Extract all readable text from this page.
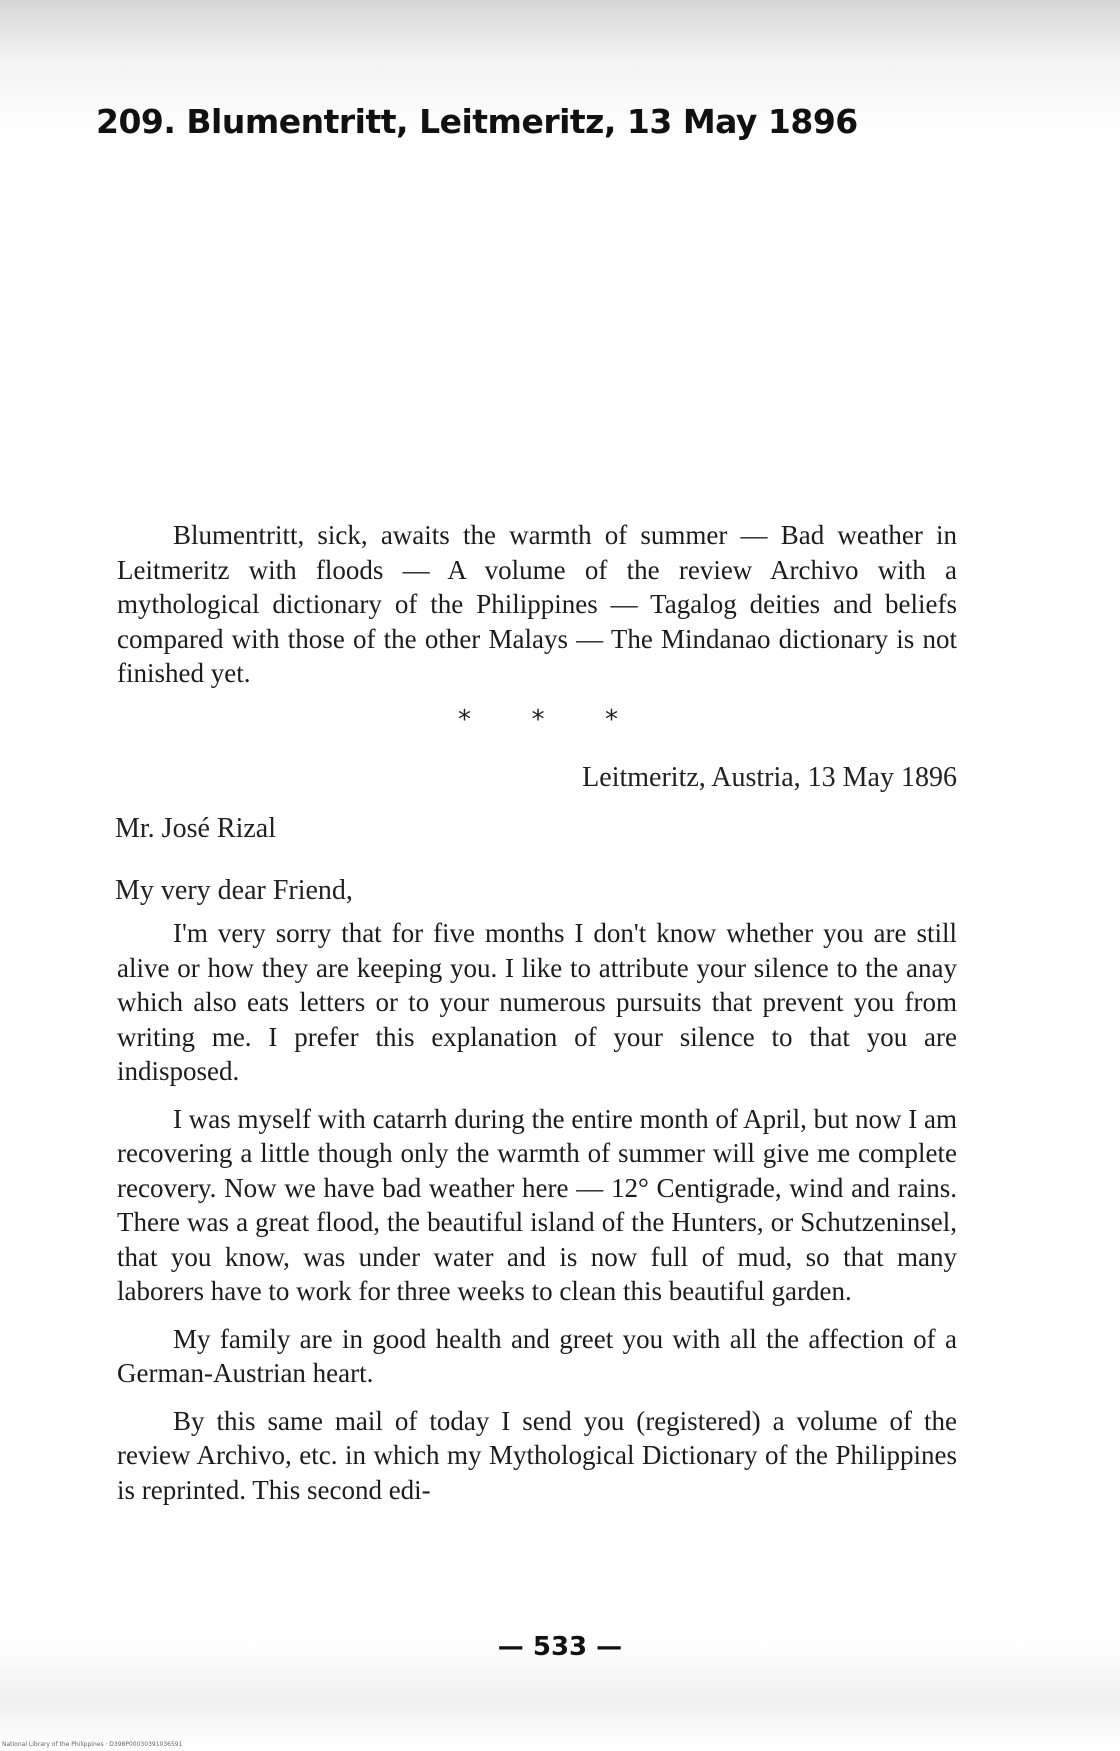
209. Blumentritt, Leitmeritz, 13 May 1896

Blumentritt, sick, awaits the warmth of summer — Bad weather in Leitmeritz with floods — A volume of the review Archivo with a mythological dictionary of the Philippines — Tagalog deities and beliefs compared with those of the other Malays — The Mindanao dictionary is not finished yet.

* * *
Leitmeritz, Austria, 13 May 1896
Mr. José Rizal
My very dear Friend,

I'm very sorry that for five months I don't know whether you are still alive or how they are keeping you. I like to attribute your silence to the anay which also eats letters or to your numerous pursuits that prevent you from writing me. I prefer this explanation of your silence to that you are indisposed.

I was myself with catarrh during the entire month of April, but now I am recovering a little though only the warmth of summer will give me complete recovery. Now we have bad weather here — 12° Centigrade, wind and rains. There was a great flood, the beautiful island of the Hunters, or Schutzeninsel, that you know, was under water and is now full of mud, so that many laborers have to work for three weeks to clean this beautiful garden.

My family are in good health and greet you with all the affection of a German-Austrian heart.

By this same mail of today I send you (registered) a volume of the review Archivo, etc. in which my Mythological Dictionary of the Philippines is reprinted. This second edi-

— 533 —
National Library of the Philippines · D398P00030391036591
